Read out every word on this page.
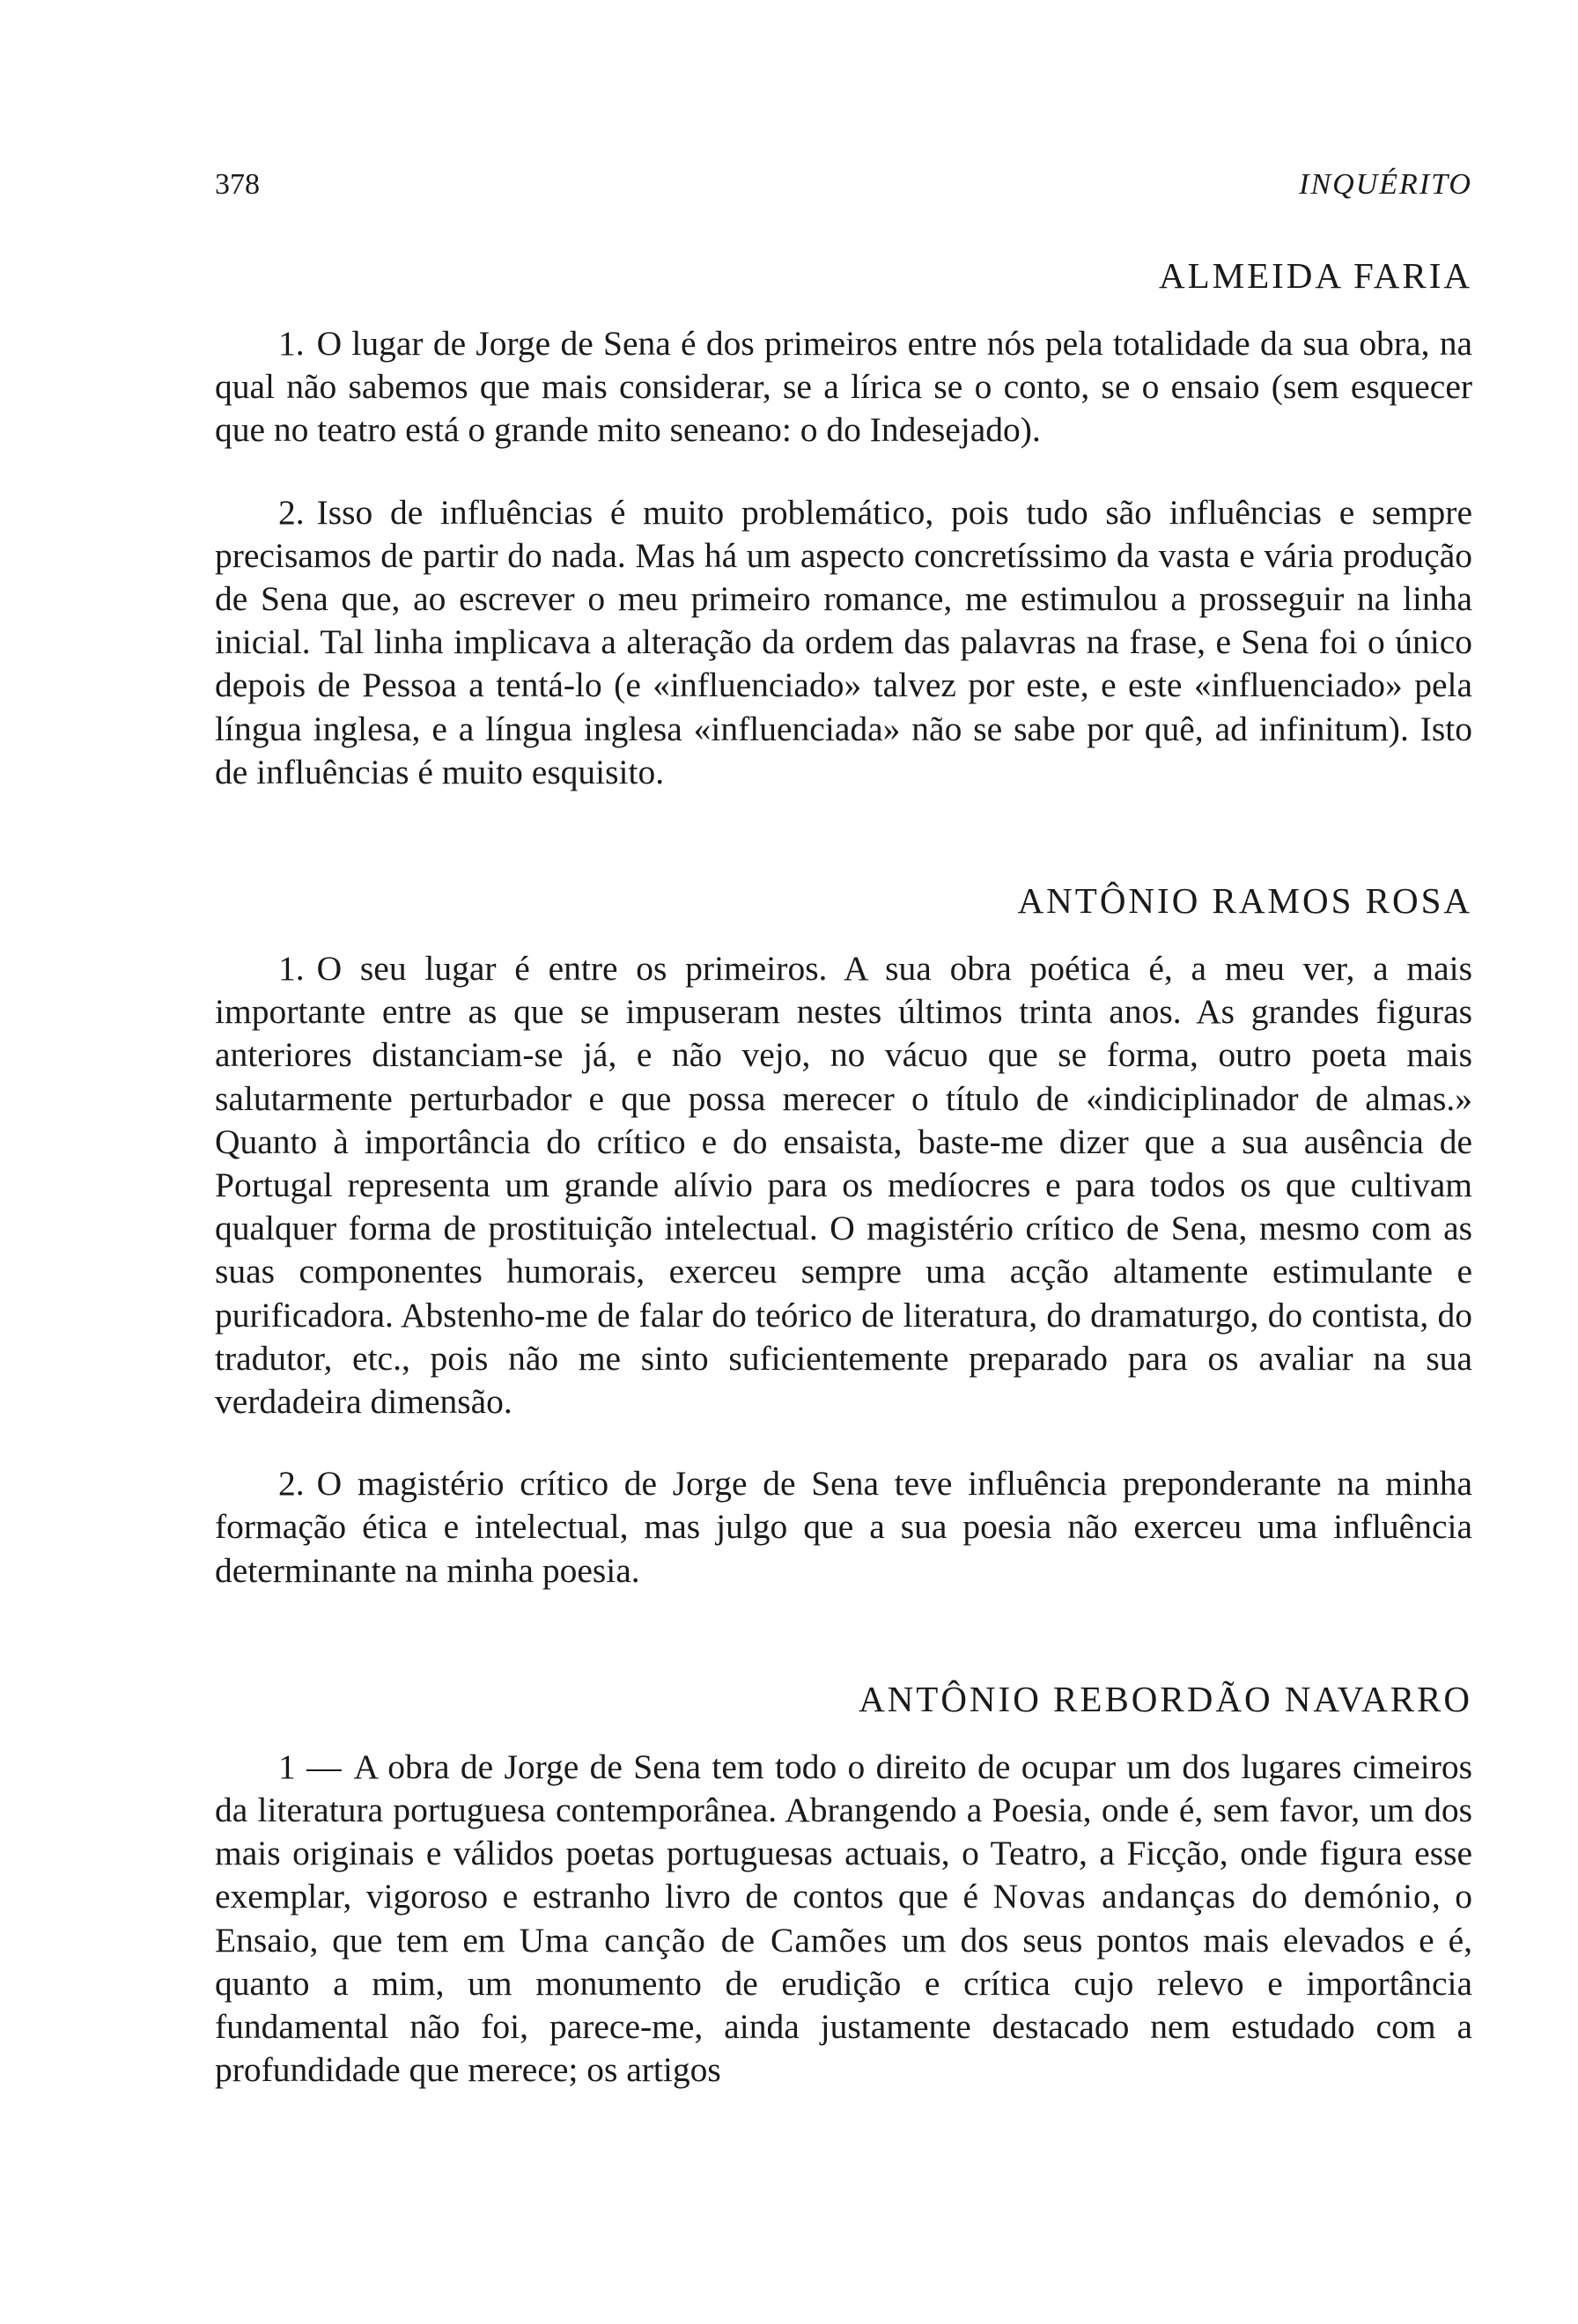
378	INQUÉRITO
ALMEIDA FARIA

1. O lugar de Jorge de Sena é dos primeiros entre nós pela totalidade da sua obra, na qual não sabemos que mais considerar, se a lírica se o conto, se o ensaio (sem esquecer que no teatro está o grande mito seneano: o do Indesejado).

2. Isso de influências é muito problemático, pois tudo são influências e sempre precisamos de partir do nada. Mas há um aspecto concretíssimo da vasta e vária produção de Sena que, ao escrever o meu primeiro romance, me estimulou a prosseguir na linha inicial. Tal linha implicava a alteração da ordem das palavras na frase, e Sena foi o único depois de Pessoa a tentá-lo (e «influenciado» talvez por este, e este «influenciado» pela língua inglesa, e a língua inglesa «influenciada» não se sabe por quê, ad infinitum). Isto de influências é muito esquisito.

ANTÔNIO RAMOS ROSA

1. O seu lugar é entre os primeiros. A sua obra poética é, a meu ver, a mais importante entre as que se impuseram nestes últimos trinta anos. As grandes figuras anteriores distanciam-se já, e não vejo, no vácuo que se forma, outro poeta mais salutarmente perturbador e que possa merecer o título de «indiciplinador de almas.» Quanto à importância do crítico e do ensaista, baste-me dizer que a sua ausência de Portugal representa um grande alívio para os medíocres e para todos os que cultivam qualquer forma de prostituição intelectual. O magistério crítico de Sena, mesmo com as suas componentes humorais, exerceu sempre uma acção altamente estimulante e purificadora. Abstenho-me de falar do teórico de literatura, do dramaturgo, do contista, do tradutor, etc., pois não me sinto suficientemente preparado para os avaliar na sua verdadeira dimensão.

2. O magistério crítico de Jorge de Sena teve influência preponderante na minha formação ética e intelectual, mas julgo que a sua poesia não exerceu uma influência determinante na minha poesia.

ANTÔNIO REBORDÃO NAVARRO

1 — A obra de Jorge de Sena tem todo o direito de ocupar um dos lugares cimeiros da literatura portuguesa contemporânea. Abrangendo a Poesia, onde é, sem favor, um dos mais originais e válidos poetas portuguesas actuais, o Teatro, a Ficção, onde figura esse exemplar, vigoroso e estranho livro de contos que é Novas andanças do demónio, o Ensaio, que tem em Uma canção de Camões um dos seus pontos mais elevados e é, quanto a mim, um monumento de erudição e crítica cujo relevo e importância fundamental não foi, parece-me, ainda justamente destacado nem estudado com a profundidade que merece; os artigos
